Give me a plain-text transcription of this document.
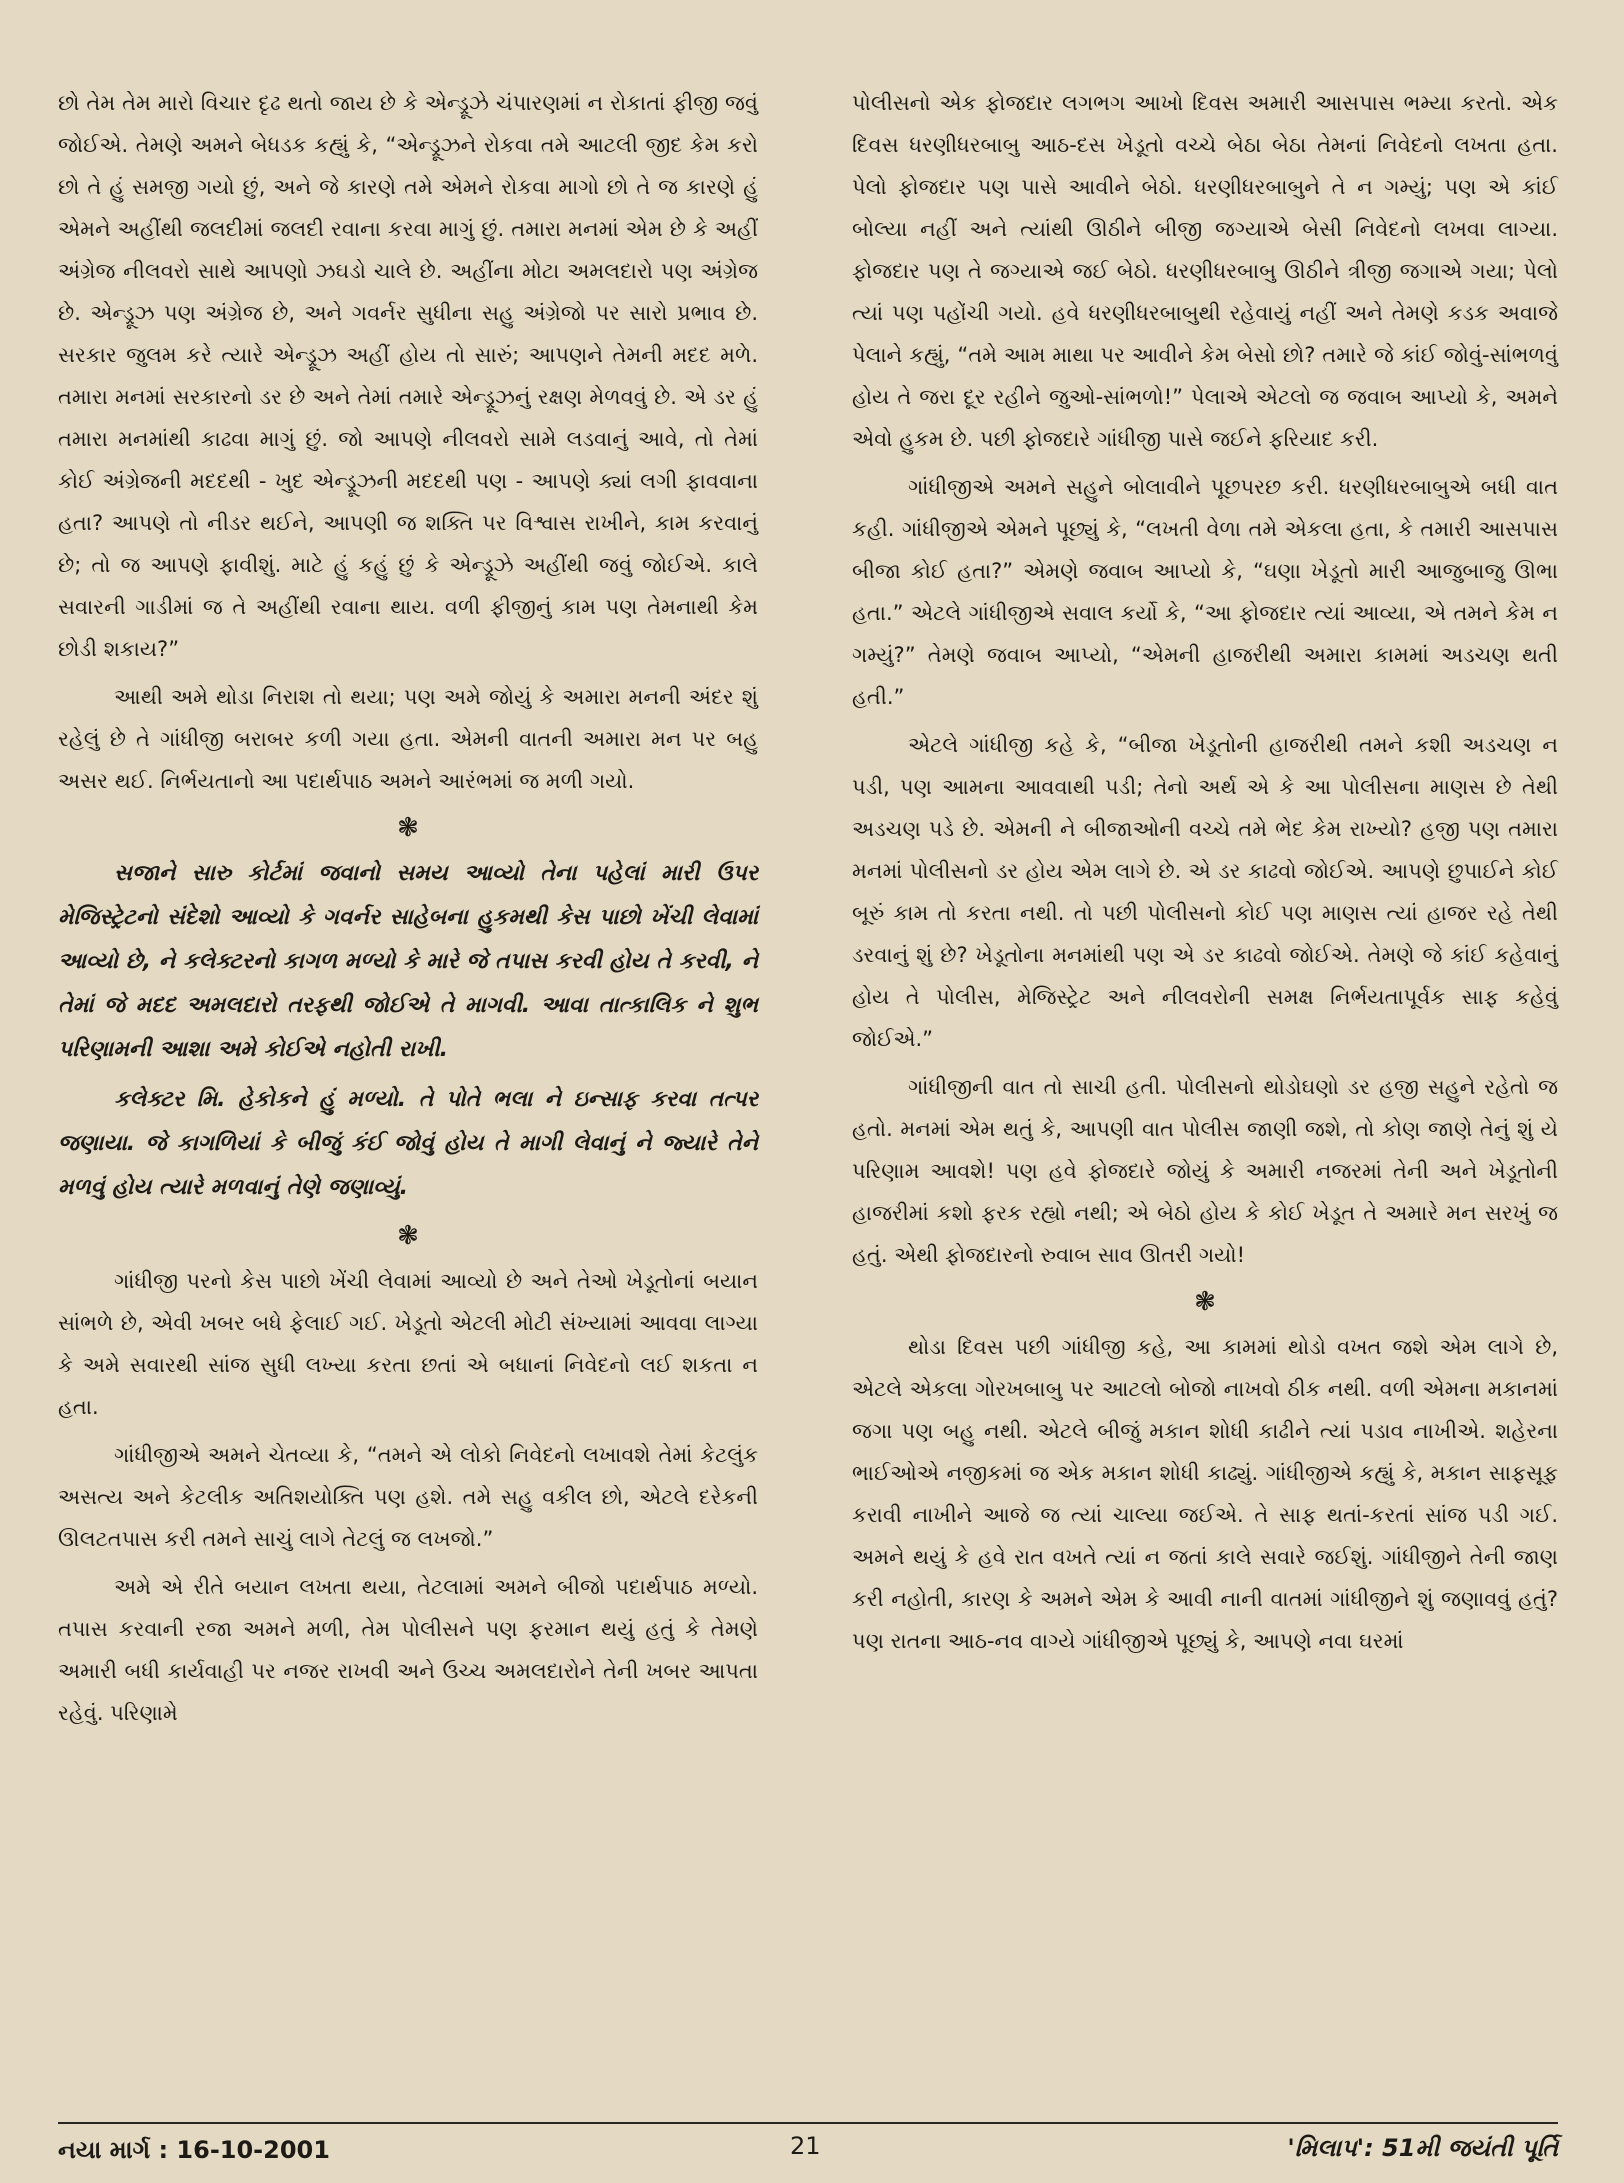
છો તેમ તેમ મારો વિચાર દૃઢ થતો જાય છે કે એન્ડ્રૂઝે ચંપારણમાં ન રોકાતાં ફીજી જવું જોઈએ. તેમણે અમને બેધડક કહ્યું કે, “એન્ડ્રૂઝને રોકવા તમે આટલી જીદ કેમ કરો છો તે હું સમજી ગયો છું, અને જે કારણે તમે એમને રોકવા માગો છો તે જ કારણે હું એમને અહીંથી જલદીમાં જલદી રવાના કરવા માગું છું. તમારા મનમાં એમ છે કે અહીં અંગ્રેજ નીલવરો સાથે આપણો ઝઘડો ચાલે છે. અહીંના મોટા અમલદારો પણ અંગ્રેજ છે. એન્ડ્રૂઝ પણ અંગ્રેજ છે, અને ગવર્નર સુધીના સહુ અંગ્રેજો પર સારો પ્રભાવ છે. સરકાર જુલમ કરે ત્યારે એન્ડ્રૂઝ અહીં હોય તો સારું; આપણને તેમની મદદ મળે. તમારા મનમાં સરકારનો ડર છે અને તેમાં તમારે એન્ડ્રૂઝનું રક્ષણ મેળવવું છે. એ ડર હું તમારા મનમાંથી કાઢવા માગું છું. જો આપણે નીલવરો સામે લડવાનું આવે, તો તેમાં કોઈ અંગ્રેજની મદદથી - ખુદ એન્ડ્રૂઝની મદદથી પણ - આપણે ક્યાં લગી ફાવવાના હતા? આપણે તો નીડર થઈને, આપણી જ શક્તિ પર વિશ્વાસ રાખીને, કામ કરવાનું છે; તો જ આપણે ફાવીશું. માટે હું કહું છું કે એન્ડ્રૂઝે અહીંથી જવું જોઈએ. કાલે સવારની ગાડીમાં જ તે અહીંથી રવાના થાય. વળી ફીજીનું કામ પણ તેમનાથી કેમ છોડી શકાય?”

આથી અમે થોડા નિરાશ તો થયા; પણ અમે જોયું કે અમારા મનની અંદર શું રહેલું છે તે ગાંધીજી બરાબર કળી ગયા હતા. એમની વાતની અમારા મન પર બહુ અસર થઈ. નિર્ભયતાનો આ પદાર્થપાઠ અમને આરંભમાં જ મળી ગયો.

❃

સજાને સારુ કોર્ટમાં જવાનો સમય આવ્યો તેના પહેલાં મારી ઉપર મેજિસ્ટ્રેટનો સંદેશો આવ્યો કે ગવર્નર સાહેબના હુકમથી કેસ પાછો ખેંચી લેવામાં આવ્યો છે, ને કલેક્ટરનો કાગળ મળ્યો કે મારે જે તપાસ કરવી હોય તે કરવી, ને તેમાં જે મદદ અમલદારો તરફથી જોઈએ તે માગવી. આવા તાત્કાલિક ને શુભ પરિણામની આશા અમે કોઈએ નહોતી રાખી.

કલેક્ટર મિ. હેકોકને હું મળ્યો. તે પોતે ભલા ને ઇન્સાફ કરવા તત્પર જણાયા. જે કાગળિયાં કે બીજું કંઈ જોવું હોય તે માગી લેવાનું ને જ્યારે તેને મળવું હોય ત્યારે મળવાનું તેણે જણાવ્યું.

❃

ગાંધીજી પરનો કેસ પાછો ખેંચી લેવામાં આવ્યો છે અને તેઓ ખેડૂતોનાં બયાન સાંભળે છે, એવી ખબર બધે ફેલાઈ ગઈ. ખેડૂતો એટલી મોટી સંખ્યામાં આવવા લાગ્યા કે અમે સવારથી સાંજ સુધી લખ્યા કરતા છતાં એ બધાનાં નિવેદનો લઈ શકતા ન હતા.

ગાંધીજીએ અમને ચેતવ્યા કે, “તમને એ લોકો નિવેદનો લખાવશે તેમાં કેટલુંક અસત્ય અને કેટલીક અતિશયોક્તિ પણ હશે. તમે સહુ વકીલ છો, એટલે દરેકની ઊલટતપાસ કરી તમને સાચું લાગે તેટલું જ લખજો.”

અમે એ રીતે બયાન લખતા થયા, તેટલામાં અમને બીજો પદાર્થપાઠ મળ્યો. તપાસ કરવાની રજા અમને મળી, તેમ પોલીસને પણ ફરમાન થયું હતું કે તેમણે અમારી બધી કાર્યવાહી પર નજર રાખવી અને ઉચ્ચ અમલદારોને તેની ખબર આપતા રહેવું. પરિણામે

પોલીસનો એક ફોજદાર લગભગ આખો દિવસ અમારી આસપાસ ભમ્યા કરતો. એક દિવસ ધરણીધરબાબુ આઠ-દસ ખેડૂતો વચ્ચે બેઠા બેઠા તેમનાં નિવેદનો લખતા હતા. પેલો ફોજદાર પણ પાસે આવીને બેઠો. ધરણીધરબાબુને તે ન ગમ્યું; પણ એ કાંઈ બોલ્યા નહીં અને ત્યાંથી ઊઠીને બીજી જગ્યાએ બેસી નિવેદનો લખવા લાગ્યા. ફોજદાર પણ તે જગ્યાએ જઈ બેઠો. ધરણીધરબાબુ ઊઠીને ત્રીજી જગાએ ગયા; પેલો ત્યાં પણ પહોંચી ગયો. હવે ધરણીધરબાબુથી રહેવાયું નહીં અને તેમણે કડક અવાજે પેલાને કહ્યું, “તમે આમ માથા પર આવીને કેમ બેસો છો? તમારે જે કાંઈ જોવું-સાંભળવું હોય તે જરા દૂર રહીને જુઓ-સાંભળો!” પેલાએ એટલો જ જવાબ આપ્યો કે, અમને એવો હુકમ છે. પછી ફોજદારે ગાંધીજી પાસે જઈને ફરિયાદ કરી.

ગાંધીજીએ અમને સહુને બોલાવીને પૂછપરછ કરી. ધરણીધરબાબુએ બધી વાત કહી. ગાંધીજીએ એમને પૂછ્યું કે, “લખતી વેળા તમે એકલા હતા, કે તમારી આસપાસ બીજા કોઈ હતા?” એમણે જવાબ આપ્યો કે, “ઘણા ખેડૂતો મારી આજુબાજુ ઊભા હતા.” એટલે ગાંધીજીએ સવાલ કર્યો કે, “આ ફોજદાર ત્યાં આવ્યા, એ તમને કેમ ન ગમ્યું?” તેમણે જવાબ આપ્યો, “એમની હાજરીથી અમારા કામમાં અડચણ થતી હતી.”

એટલે ગાંધીજી કહે કે, “બીજા ખેડૂતોની હાજરીથી તમને કશી અડચણ ન પડી, પણ આમના આવવાથી પડી; તેનો અર્થ એ કે આ પોલીસના માણસ છે તેથી અડચણ પડે છે. એમની ને બીજાઓની વચ્ચે તમે ભેદ કેમ રાખ્યો? હજી પણ તમારા મનમાં પોલીસનો ડર હોય એમ લાગે છે. એ ડર કાઢવો જોઈએ. આપણે છુપાઈને કોઈ બૂરું કામ તો કરતા નથી. તો પછી પોલીસનો કોઈ પણ માણસ ત્યાં હાજર રહે તેથી ડરવાનું શું છે? ખેડૂતોના મનમાંથી પણ એ ડર કાઢવો જોઈએ. તેમણે જે કાંઈ કહેવાનું હોય તે પોલીસ, મેજિસ્ટ્રેટ અને નીલવરોની સમક્ષ નિર્ભયતાપૂર્વક સાફ કહેવું જોઈએ.”

ગાંધીજીની વાત તો સાચી હતી. પોલીસનો થોડોઘણો ડર હજી સહુને રહેતો જ હતો. મનમાં એમ થતું કે, આપણી વાત પોલીસ જાણી જશે, તો કોણ જાણે તેનું શું યે પરિણામ આવશે! પણ હવે ફોજદારે જોયું કે અમારી નજરમાં તેની અને ખેડૂતોની હાજરીમાં કશો ફરક રહ્યો નથી; એ બેઠો હોય કે કોઈ ખેડૂત તે અમારે મન સરખું જ હતું. એથી ફોજદારનો રુવાબ સાવ ઊતરી ગયો!

❃

થોડા દિવસ પછી ગાંધીજી કહે, આ કામમાં થોડો વખત જશે એમ લાગે છે, એટલે એકલા ગોરખબાબુ પર આટલો બોજો નાખવો ઠીક નથી. વળી એમના મકાનમાં જગા પણ બહુ નથી. એટલે બીજું મકાન શોધી કાઢીને ત્યાં પડાવ નાખીએ. શહેરના ભાઈઓએ નજીકમાં જ એક મકાન શોધી કાઢ્યું. ગાંધીજીએ કહ્યું કે, મકાન સાફસૂફ કરાવી નાખીને આજે જ ત્યાં ચાલ્યા જઈએ. તે સાફ થતાં-કરતાં સાંજ પડી ગઈ. અમને થયું કે હવે રાત વખતે ત્યાં ન જતાં કાલે સવારે જઈશું. ગાંધીજીને તેની જાણ કરી નહોતી, કારણ કે અમને એમ કે આવી નાની વાતમાં ગાંધીજીને શું જણાવવું હતું? પણ રાતના આઠ-નવ વાગ્યે ગાંધીજીએ પૂછ્યું કે, આપણે નવા ઘરમાં

નયા માર્ગ : 16-10-2001	21	'મિલાપ': 51મી જયંતી પૂર્તિ
